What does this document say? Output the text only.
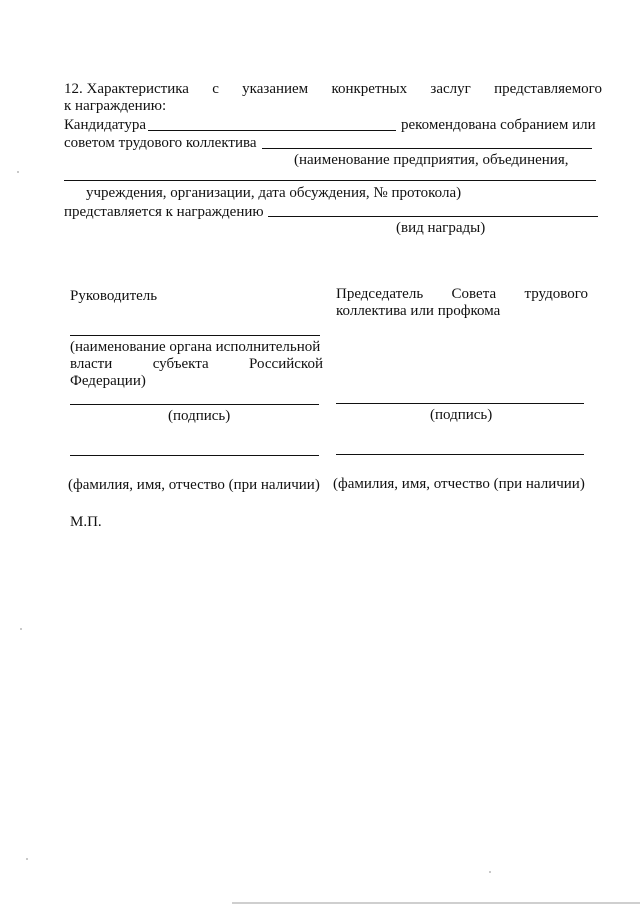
12. Характеристика с указанием конкретных заслуг представляемого
к награждению:
Кандидатура	рекомендована собранием или
советом трудового коллектива
(наименование предприятия, объединения,
учреждения, организации, дата обсуждения, № протокола)
представляется к награждению
(вид награды)
Руководитель
(наименование органа исполнительной
власти	субъекта	Российской
Федерации)
(подпись)
(фамилия, имя, отчество (при наличии)
Председатель Совета трудового
коллектива или профкома
(подпись)
(фамилия, имя, отчество (при наличии)
М.П.
